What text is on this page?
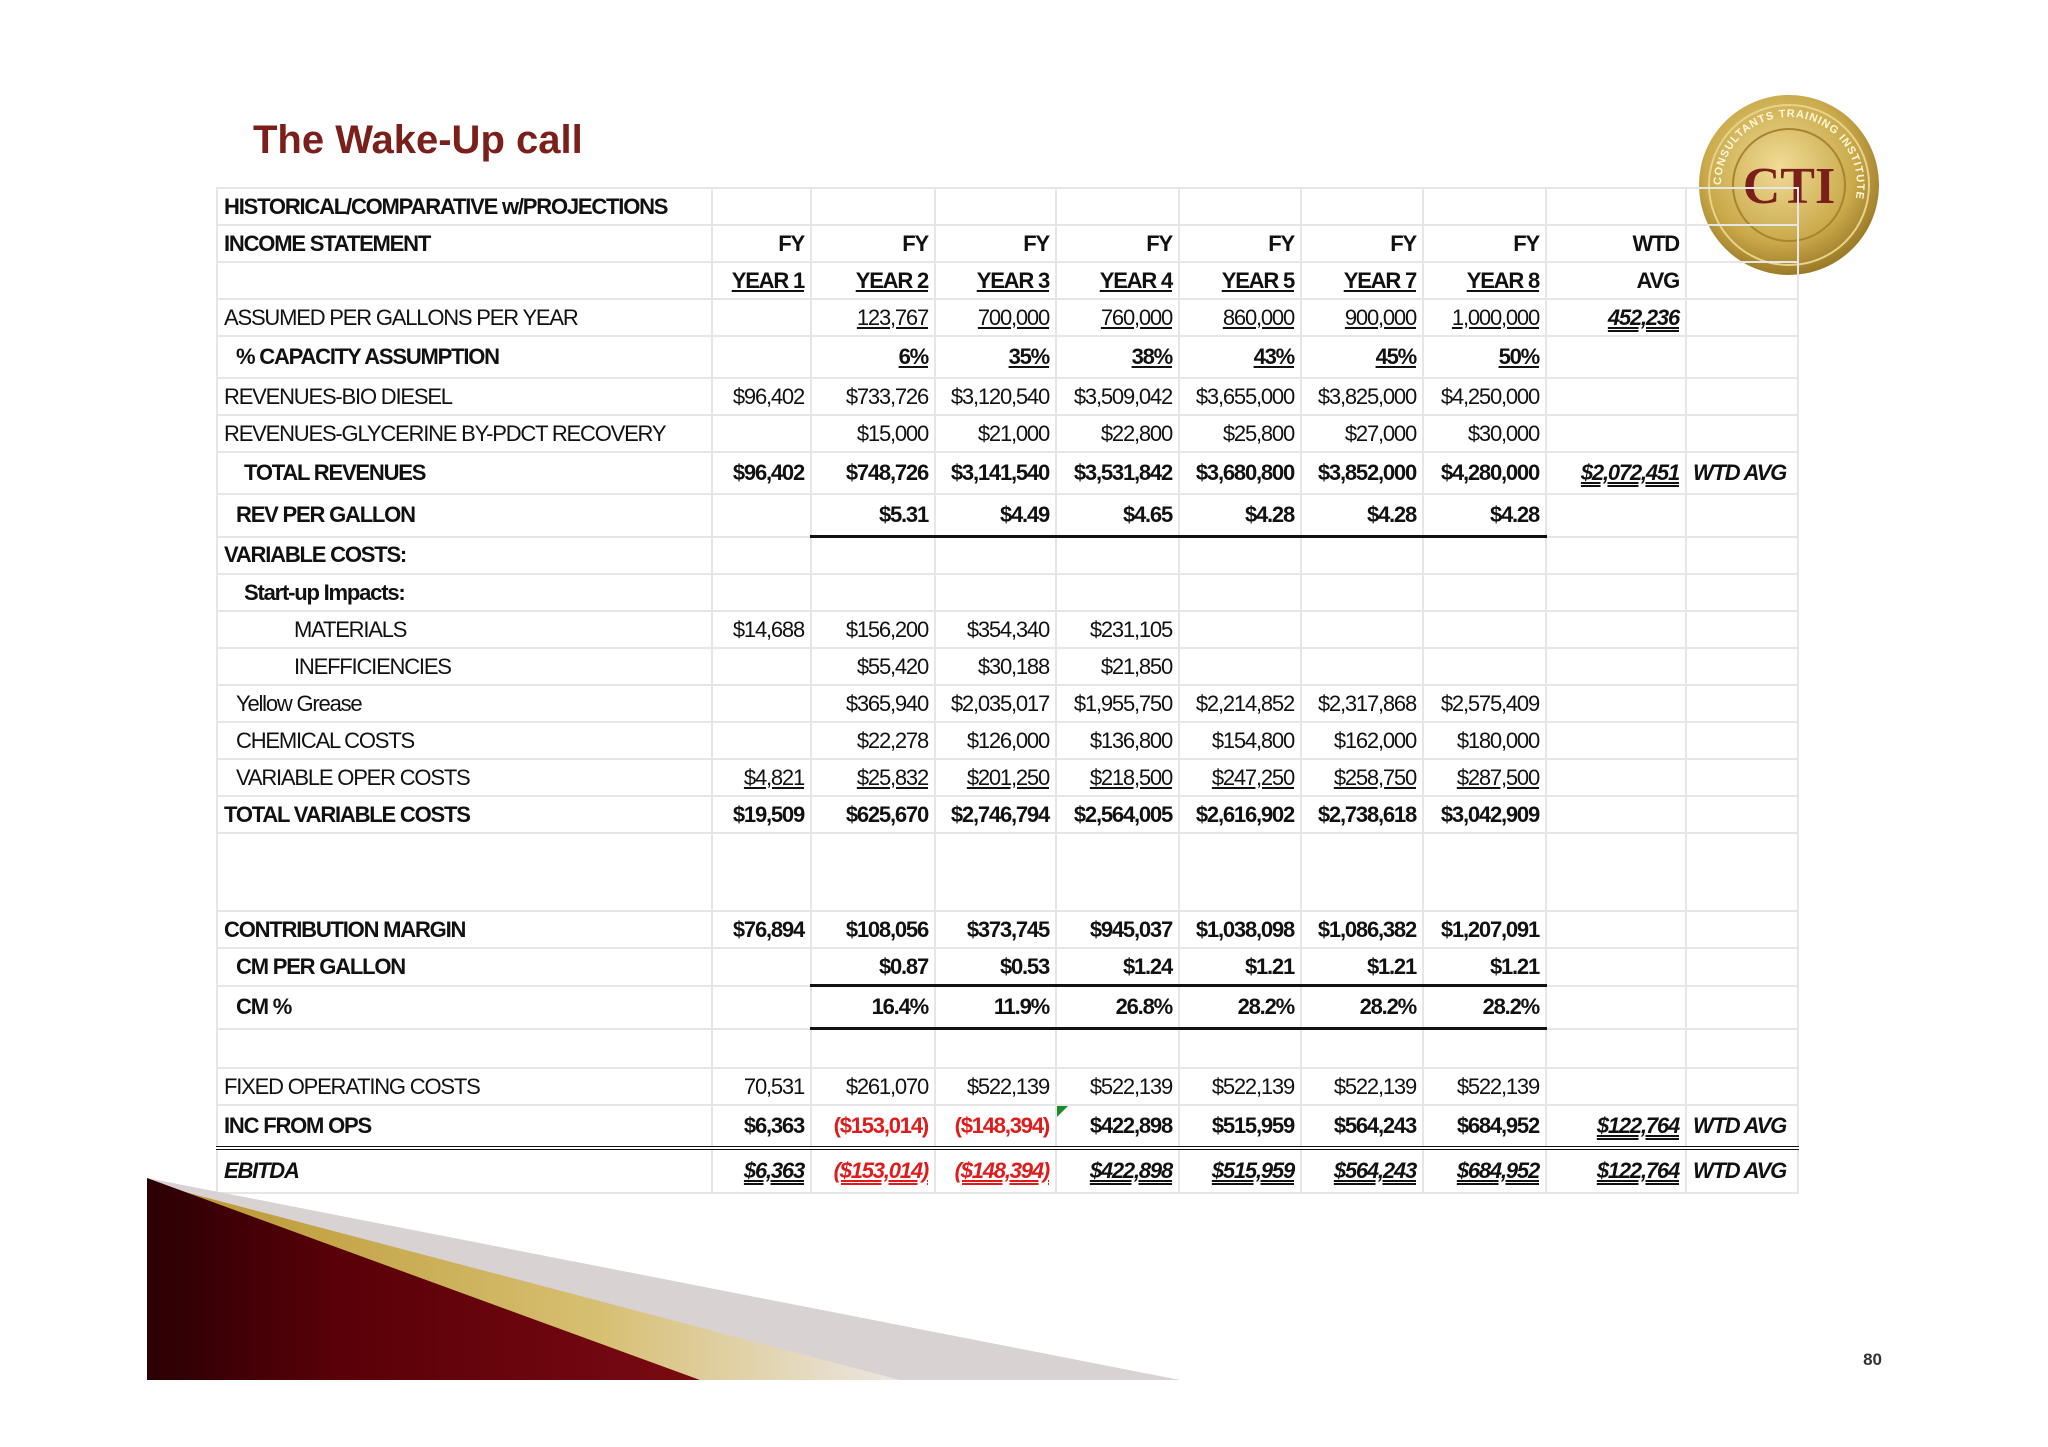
The Wake-Up call
CONSULTANTS TRAINING INSTITUTE
CTI
HISTORICAL/COMPARATIVE w/PROJECTIONS									
INCOME STATEMENT	FY	FY	FY	FY	FY	FY	FY	WTD	
	YEAR 1	YEAR 2	YEAR 3	YEAR 4	YEAR 5	YEAR 7	YEAR 8	AVG	
ASSUMED PER GALLONS PER YEAR		123,767	700,000	760,000	860,000	900,000	1,000,000	452,236	
% CAPACITY ASSUMPTION		6%	35%	38%	43%	45%	50%		
REVENUES-BIO DIESEL	$96,402	$733,726	$3,120,540	$3,509,042	$3,655,000	$3,825,000	$4,250,000		
REVENUES-GLYCERINE BY-PDCT RECOVERY		$15,000	$21,000	$22,800	$25,800	$27,000	$30,000		
TOTAL REVENUES	$96,402	$748,726	$3,141,540	$3,531,842	$3,680,800	$3,852,000	$4,280,000	$2,072,451	WTD AVG
REV PER GALLON		$5.31	$4.49	$4.65	$4.28	$4.28	$4.28		
VARIABLE COSTS:									
Start-up Impacts:									
MATERIALS	$14,688	$156,200	$354,340	$231,105					
INEFFICIENCIES		$55,420	$30,188	$21,850					
Yellow Grease		$365,940	$2,035,017	$1,955,750	$2,214,852	$2,317,868	$2,575,409		
CHEMICAL COSTS		$22,278	$126,000	$136,800	$154,800	$162,000	$180,000		
VARIABLE OPER COSTS	$4,821	$25,832	$201,250	$218,500	$247,250	$258,750	$287,500		
TOTAL VARIABLE COSTS	$19,509	$625,670	$2,746,794	$2,564,005	$2,616,902	$2,738,618	$3,042,909		

CONTRIBUTION MARGIN	$76,894	$108,056	$373,745	$945,037	$1,038,098	$1,086,382	$1,207,091		
CM PER GALLON		$0.87	$0.53	$1.24	$1.21	$1.21	$1.21		
CM %		16.4%	11.9%	26.8%	28.2%	28.2%	28.2%		

FIXED OPERATING COSTS	70,531	$261,070	$522,139	$522,139	$522,139	$522,139	$522,139		
INC FROM OPS	$6,363	($153,014)	($148,394)	$422,898	$515,959	$564,243	$684,952	$122,764	WTD AVG
EBITDA	$6,363	($153,014)	($148,394)	$422,898	$515,959	$564,243	$684,952	$122,764	WTD AVG
80
